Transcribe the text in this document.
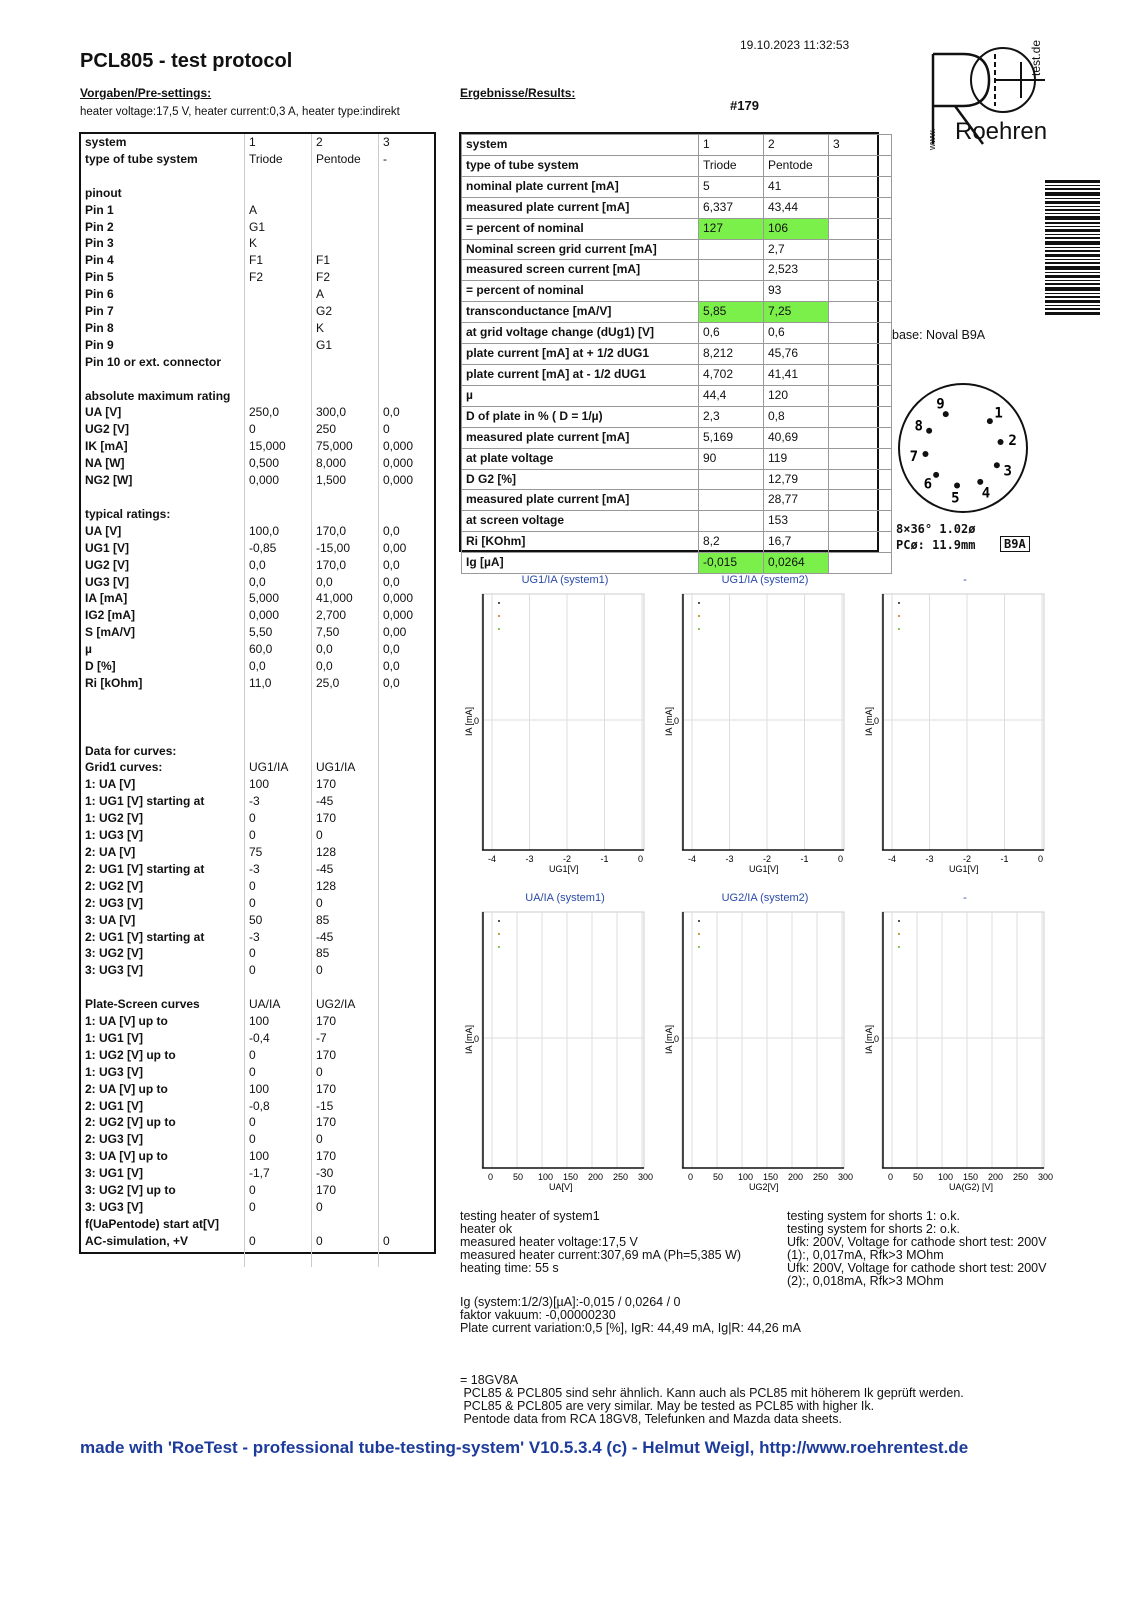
PCL805 - test protocol
19.10.2023 11:32:53
#179
Roehren
test.de
www.
Vorgaben/Pre-settings:
heater voltage:17,5 V, heater current:0,3 A, heater type:indirekt
Ergebnisse/Results:
system	1	2	3
type of tube system	Triode	Pentode	-

pinout			
Pin 1	A		
Pin 2	G1		
Pin 3	K		
Pin 4	F1	F1	
Pin 5	F2	F2	
Pin 6		A	
Pin 7		G2	
Pin 8		K	
Pin 9		G1	
Pin 10 or ext. connector			

absolute maximum rating			
UA [V]	250,0	300,0	0,0
UG2 [V]	0	250	0
IK [mA]	15,000	75,000	0,000
NA [W]	0,500	8,000	0,000
NG2 [W]	0,000	1,500	0,000

typical ratings:			
UA [V]	100,0	170,0	0,0
UG1 [V]	-0,85	-15,00	0,00
UG2 [V]	0,0	170,0	0,0
UG3 [V]	0,0	0,0	0,0
IA [mA]	5,000	41,000	0,000
IG2 [mA]	0,000	2,700	0,000
S [mA/V]	5,50	7,50	0,00
µ	60,0	0,0	0,0
D [%]	0,0	0,0	0,0
Ri [kOhm]	11,0	25,0	0,0

Data for curves:			
Grid1 curves:	UG1/IA	UG1/IA	
1: UA [V]	100	170	
1: UG1 [V] starting at	-3	-45	
1: UG2 [V]	0	170	
1: UG3 [V]	0	0	
2: UA [V]	75	128	
2: UG1 [V] starting at	-3	-45	
2: UG2 [V]	0	128	
2: UG3 [V]	0	0	
3: UA [V]	50	85	
2: UG1 [V] starting at	-3	-45	
3: UG2 [V]	0	85	
3: UG3 [V]	0	0	

Plate-Screen curves	UA/IA	UG2/IA	
1: UA [V] up to	100	170	
1: UG1 [V]	-0,4	-7	
1: UG2 [V] up to	0	170	
1: UG3 [V]	0	0	
2: UA [V] up to	100	170	
2: UG1 [V]	-0,8	-15	
2: UG2 [V] up to	0	170	
2: UG3 [V]	0	0	
3: UA [V] up to	100	170	
3: UG1 [V]	-1,7	-30	
3: UG2 [V] up to	0	170	
3: UG3 [V]	0	0	
f(UaPentode) start at[V]			
AC-simulation, +V	0	0	0

system	1	2	3
type of tube system	Triode	Pentode	
nominal plate current [mA]	5	41	
measured plate current [mA]	6,337	43,44	
= percent of nominal	127	106	
Nominal screen grid current [mA]		2,7	
measured screen current [mA]		2,523	
= percent of nominal		93	
transconductance [mA/V]	5,85	7,25	
at grid voltage change (dUg1) [V]	0,6	0,6	
plate current [mA] at + 1/2 dUG1	8,212	45,76	
plate current [mA] at - 1/2 dUG1	4,702	41,41	
µ	44,4	120	
D of plate in % ( D = 1/µ)	2,3	0,8	
measured plate current [mA]	5,169	40,69	
at plate voltage	90	119	
D G2 [%]		12,79	
measured plate current [mA]		28,77	
at screen voltage		153	
Ri [KOhm]	8,2	16,7	
Ig [µA]	-0,015	0,0264	
base: Noval B9A
1
2
3
4
5
6
7
8
9
8×36° 1.02ø
PCø: 11.9mm	B9A
UG1/IA (system1)
-4	-3	-2	-1	0
0
IA [mA]
UG1[V]
UG1/IA (system2)
-4	-3	-2	-1	0
0
IA [mA]
UG1[V]
-
-4	-3	-2	-1	0
0
IA [mA]
UG1[V]
UA/IA (system1)
0 50 100 150 200 250 300
0
IA [mA]
UA[V]
UG2/IA (system2)
0 50 100 150 200 250 300
0
IA [mA]
UG2[V]
-
0 50 100 150 200 250 300
0
IA [mA]
UA(G2) [V]
testing heater of system1
heater ok
measured heater voltage:17,5 V
measured heater current:307,69 mA (Ph=5,385 W)
heating time: 55 s
testing system for shorts 1: o.k.
testing system for shorts 2: o.k.
Ufk: 200V, Voltage for cathode short test: 200V
(1):, 0,017mA, Rfk>3 MOhm
Ufk: 200V, Voltage for cathode short test: 200V
(2):, 0,018mA, Rfk>3 MOhm
Ig (system:1/2/3)[µA]:-0,015 / 0,0264 / 0
faktor vakuum: -0,00000230
Plate current variation:0,5 [%], IgR: 44,49 mA, Ig|R: 44,26 mA
= 18GV8A
PCL85 & PCL805 sind sehr ähnlich. Kann auch als PCL85 mit höherem Ik geprüft werden.
PCL85 & PCL805 are very similar. May be tested as PCL85 with higher Ik.
Pentode data from RCA 18GV8, Telefunken and Mazda data sheets.
made with 'RoeTest - professional tube-testing-system' V10.5.3.4 (c) - Helmut Weigl, http://www.roehrentest.de
